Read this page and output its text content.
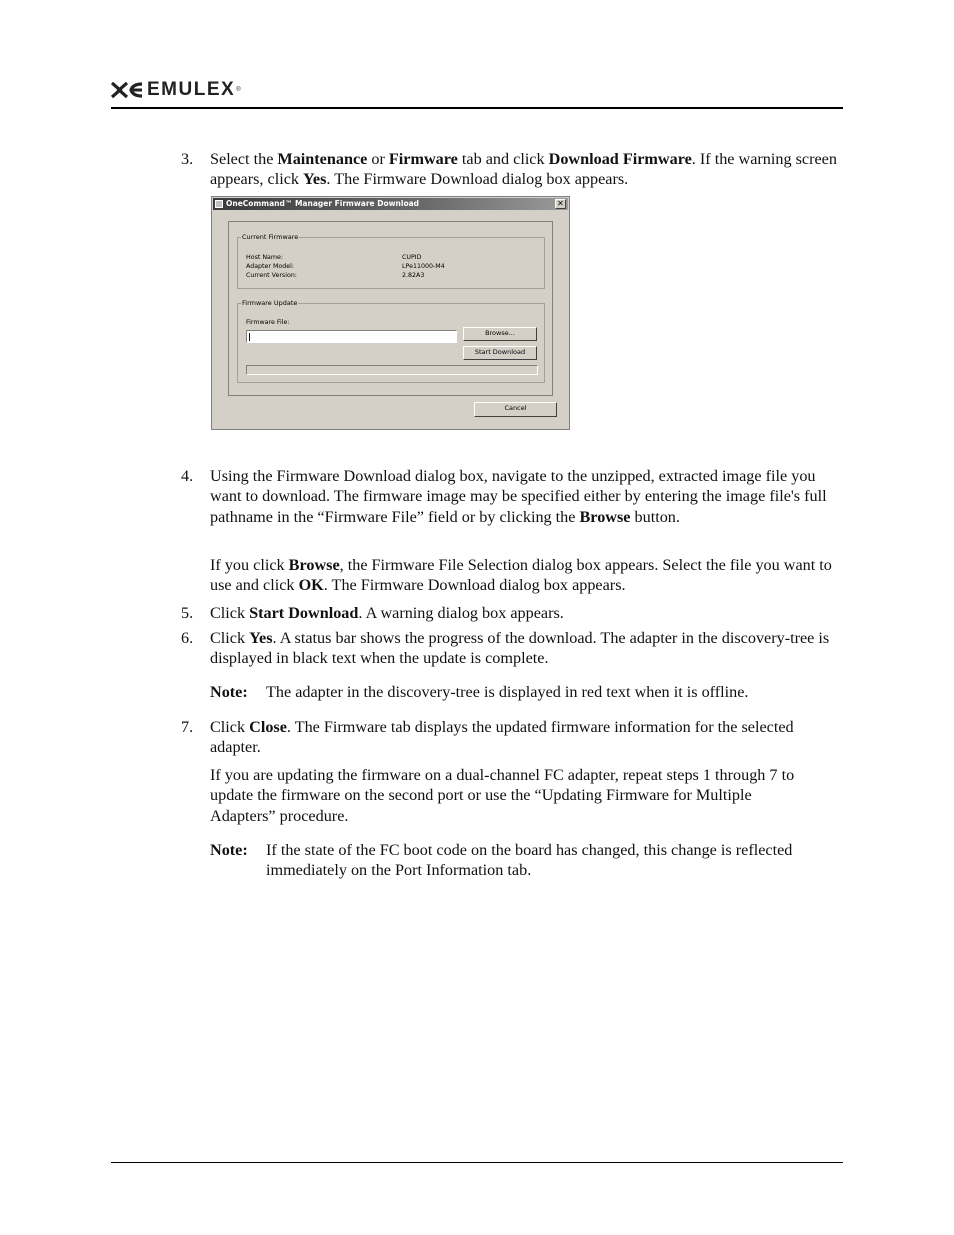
EMULEX ®
3.	Select the Maintenance or Firmware tab and click Download Firmware. If the warning screen appears, click Yes. The Firmware Download dialog box appears.
OneCommand™ Manager Firmware Download	✕
Current Firmware
Host Name:	CUPID
Adapter Model:	LPe11000-M4
Current Version:	2.82A3
Firmware Update
Firmware File:
Browse...
Start Download
Cancel
4.	Using the Firmware Download dialog box, navigate to the unzipped, extracted image file you want to download. The firmware image may be specified either by entering the image file's full pathname in the “Firmware File” field or by clicking the Browse button.
If you click Browse, the Firmware File Selection dialog box appears. Select the file you want to use and click OK. The Firmware Download dialog box appears.
5.	Click Start Download. A warning dialog box appears.
6.	Click Yes. A status bar shows the progress of the download. The adapter in the discovery-tree is displayed in black text when the update is complete.
Note: The adapter in the discovery-tree is displayed in red text when it is offline.
7.	Click Close. The Firmware tab displays the updated firmware information for the selected adapter.
If you are updating the firmware on a dual-channel FC adapter, repeat steps 1 through 7 to update the firmware on the second port or use the “Updating Firmware for Multiple Adapters” procedure.
Note: If the state of the FC boot code on the board has changed, this change is reflected immediately on the Port Information tab.
